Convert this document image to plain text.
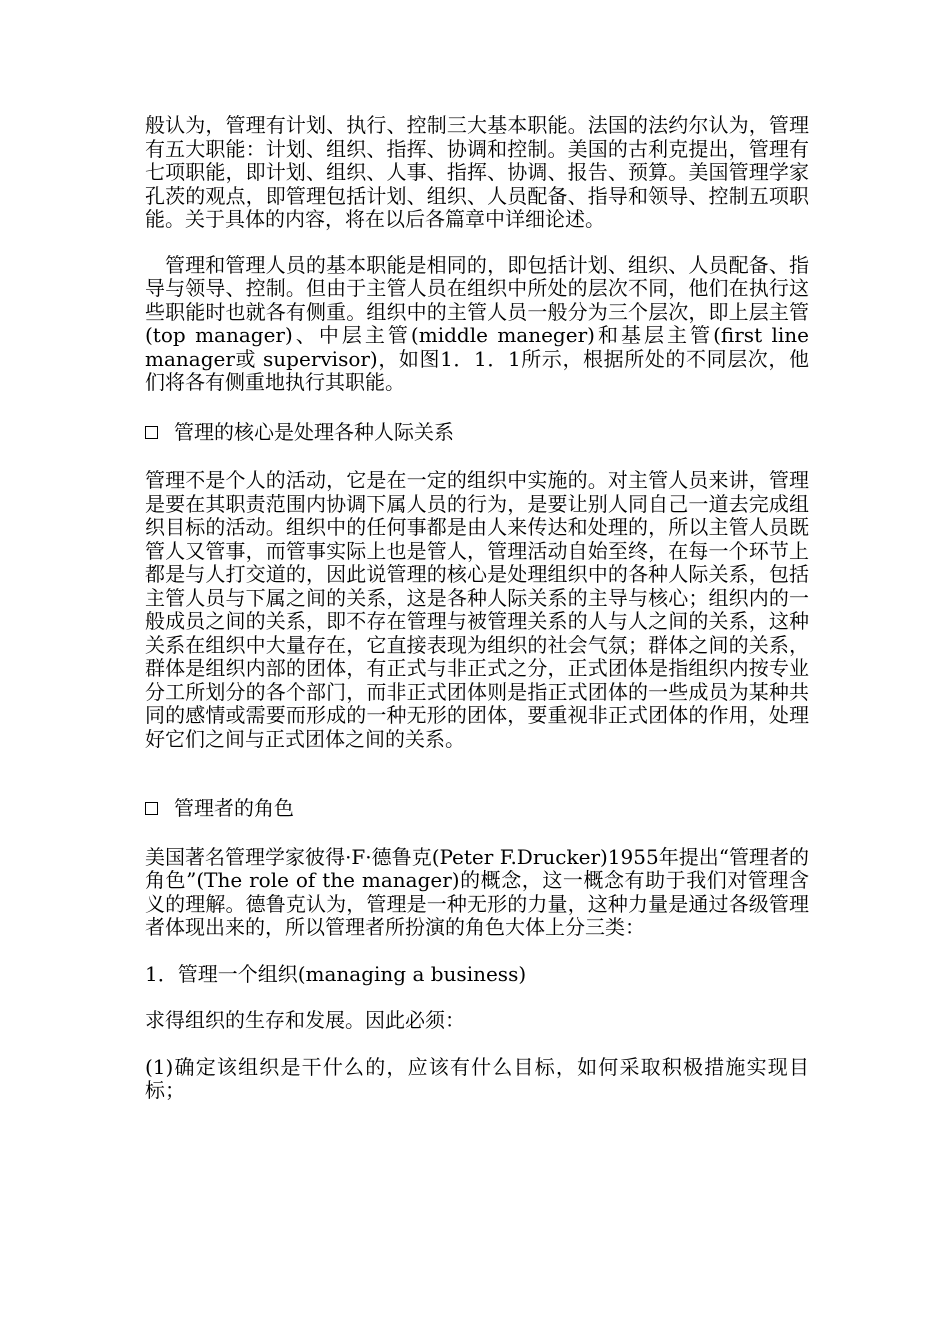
般认为，管理有计划、执行、控制三大基本职能。法国的法约尔认为，管理有五大职能：计划、组织、指挥、协调和控制。美国的古利克提出，管理有七项职能，即计划、组织、人事、指挥、协调、报告、预算。美国管理学家孔茨的观点，即管理包括计划、组织、人员配备、指导和领导、控制五项职能。关于具体的内容，将在以后各篇章中详细论述。

管理和管理人员的基本职能是相同的，即包括计划、组织、人员配备、指导与领导、控制。但由于主管人员在组织中所处的层次不同，他们在执行这些职能时也就各有侧重。组织中的主管人员一般分为三个层次，即上层主管(top manager)、中层主管(middle maneger)和基层主管(first line manager或 supervisor)，如图1．1．1所示，根据所处的不同层次，他们将各有侧重地执行其职能。

管理的核心是处理各种人际关系

管理不是个人的活动，它是在一定的组织中实施的。对主管人员来讲，管理是要在其职责范围内协调下属人员的行为，是要让别人同自己一道去完成组织目标的活动。组织中的任何事都是由人来传达和处理的，所以主管人员既管人又管事，而管事实际上也是管人，管理活动自始至终，在每一个环节上都是与人打交道的，因此说管理的核心是处理组织中的各种人际关系，包括主管人员与下属之间的关系，这是各种人际关系的主导与核心；组织内的一般成员之间的关系，即不存在管理与被管理关系的人与人之间的关系，这种关系在组织中大量存在，它直接表现为组织的社会气氛；群体之间的关系，群体是组织内部的团体，有正式与非正式之分，正式团体是指组织内按专业分工所划分的各个部门，而非正式团体则是指正式团体的一些成员为某种共同的感情或需要而形成的一种无形的团体，要重视非正式团体的作用，处理好它们之间与正式团体之间的关系。

管理者的角色

美国著名管理学家彼得·F·德鲁克(Peter F.Drucker)1955年提出“管理者的角色”(The role of the manager)的概念，这一概念有助于我们对管理含义的理解。德鲁克认为，管理是一种无形的力量，这种力量是通过各级管理者体现出来的，所以管理者所扮演的角色大体上分三类：

1．管理一个组织(managing a business)

求得组织的生存和发展。因此必须：

(1)确定该组织是干什么的，应该有什么目标，如何采取积极措施实现目标；
